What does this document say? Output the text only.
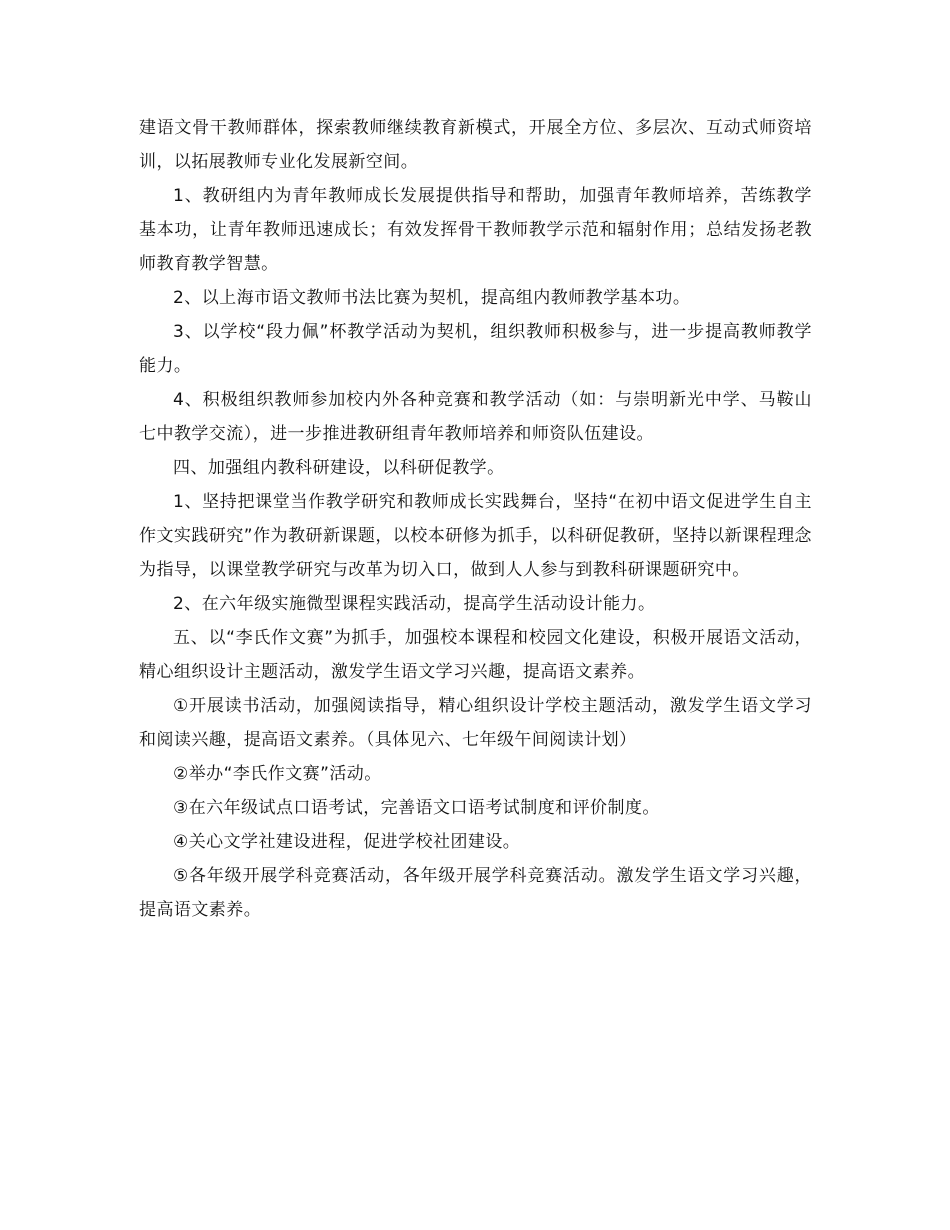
建语文骨干教师群体，探索教师继续教育新模式，开展全方位、多层次、互动式师资培训，以拓展教师专业化发展新空间。

1、教研组内为青年教师成长发展提供指导和帮助，加强青年教师培养，苦练教学基本功，让青年教师迅速成长；有效发挥骨干教师教学示范和辐射作用；总结发扬老教师教育教学智慧。

2、以上海市语文教师书法比赛为契机，提高组内教师教学基本功。

3、以学校“段力佩”杯教学活动为契机，组织教师积极参与，进一步提高教师教学能力。

4、积极组织教师参加校内外各种竞赛和教学活动（如：与崇明新光中学、马鞍山七中教学交流），进一步推进教研组青年教师培养和师资队伍建设。

四、加强组内教科研建设，以科研促教学。

1、坚持把课堂当作教学研究和教师成长实践舞台，坚持“在初中语文促进学生自主作文实践研究”作为教研新课题，以校本研修为抓手，以科研促教研，坚持以新课程理念为指导，以课堂教学研究与改革为切入口，做到人人参与到教科研课题研究中。

2、在六年级实施微型课程实践活动，提高学生活动设计能力。

五、以“李氏作文赛”为抓手，加强校本课程和校园文化建设，积极开展语文活动，精心组织设计主题活动，激发学生语文学习兴趣，提高语文素养。

①开展读书活动，加强阅读指导，精心组织设计学校主题活动，激发学生语文学习和阅读兴趣，提高语文素养。（具体见六、七年级午间阅读计划）

②举办“李氏作文赛”活动。

③在六年级试点口语考试，完善语文口语考试制度和评价制度。

④关心文学社建设进程，促进学校社团建设。

⑤各年级开展学科竞赛活动，各年级开展学科竞赛活动。激发学生语文学习兴趣，提高语文素养。
